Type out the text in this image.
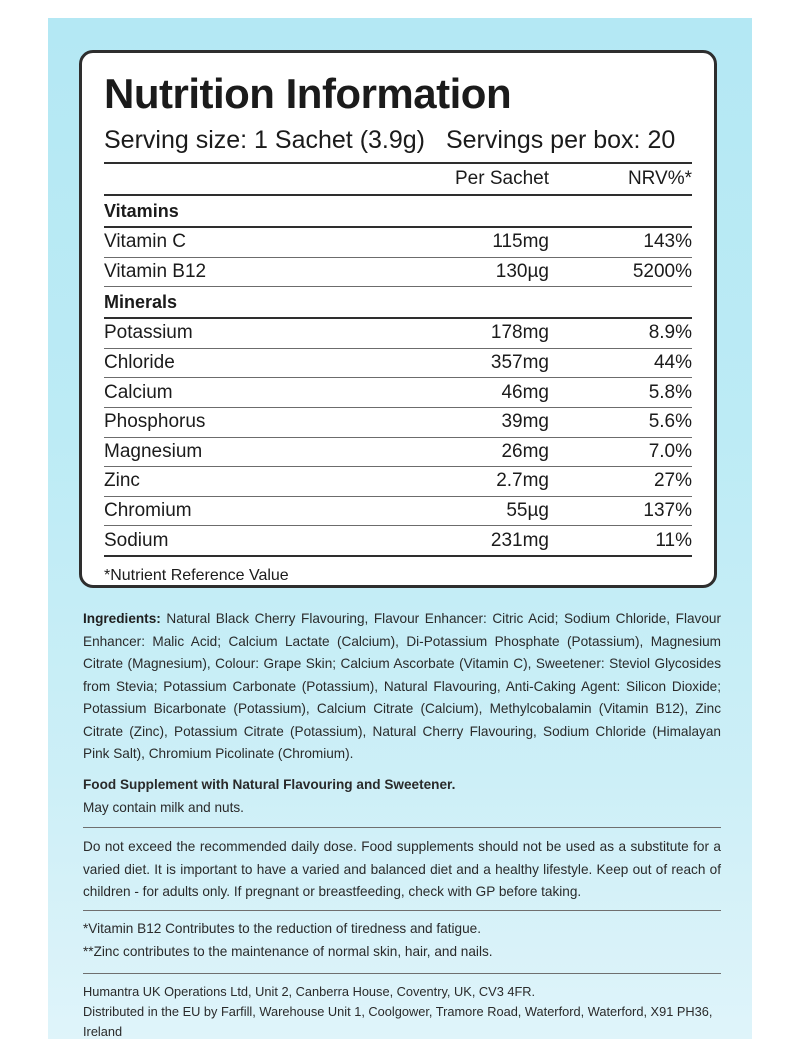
Nutrition Information
Serving size: 1 Sachet (3.9g) Servings per box: 20
Per Sachet	NRV%*
Vitamins
Vitamin C	115mg	143%
Vitamin B12	130µg	5200%
Minerals
Potassium	178mg	8.9%
Chloride	357mg	44%
Calcium	46mg	5.8%
Phosphorus	39mg	5.6%
Magnesium	26mg	7.0%
Zinc	2.7mg	27%
Chromium	55µg	137%
Sodium	231mg	11%
*Nutrient Reference Value
Ingredients: Natural Black Cherry Flavouring, Flavour Enhancer: Citric Acid; Sodium Chloride, Flavour Enhancer: Malic Acid; Calcium Lactate (Calcium), Di-Potassium Phosphate (Potassium), Magnesium Citrate (Magnesium), Colour: Grape Skin; Calcium Ascorbate (Vitamin C), Sweetener: Steviol Glycosides from Stevia; Potassium Carbonate (Potassium), Natural Flavouring, Anti-Caking Agent: Silicon Dioxide; Potassium Bicarbonate (Potassium), Calcium Citrate (Calcium), Methylcobalamin (Vitamin B12), Zinc Citrate (Zinc), Potassium Citrate (Potassium), Natural Cherry Flavouring, Sodium Chloride (Himalayan Pink Salt), Chromium Picolinate (Chromium).
Food Supplement with Natural Flavouring and Sweetener.
May contain milk and nuts.
Do not exceed the recommended daily dose. Food supplements should not be used as a substitute for a varied diet. It is important to have a varied and balanced diet and a healthy lifestyle. Keep out of reach of children - for adults only. If pregnant or breastfeeding, check with GP before taking.
*Vitamin B12 Contributes to the reduction of tiredness and fatigue.
**Zinc contributes to the maintenance of normal skin, hair, and nails.
Humantra UK Operations Ltd, Unit 2, Canberra House, Coventry, UK, CV3 4FR.
Distributed in the EU by Farfill, Warehouse Unit 1, Coolgower, Tramore Road, Waterford, Waterford, X91 PH36, Ireland
